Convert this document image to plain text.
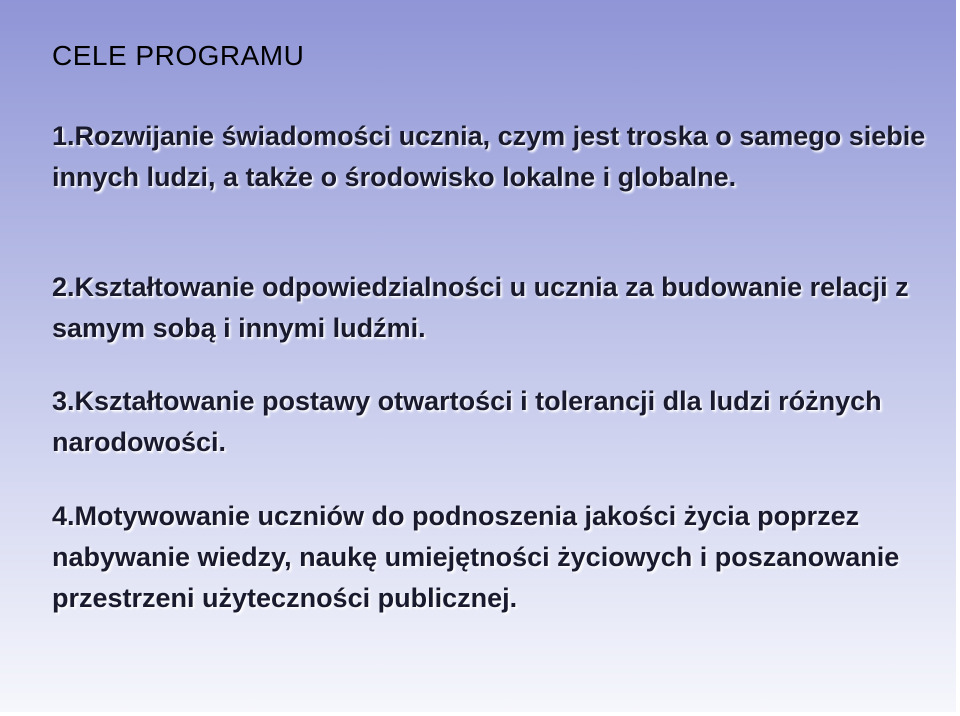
CELE PROGRAMU

1.Rozwijanie świadomości ucznia, czym jest troska o samego siebie innych ludzi, a także o środowisko lokalne i globalne.

2.Kształtowanie odpowiedzialności u ucznia za budowanie relacji z samym sobą i innymi ludźmi.

3.Kształtowanie postawy otwartości i tolerancji dla ludzi różnych narodowości.

4.Motywowanie uczniów do podnoszenia jakości życia poprzez nabywanie wiedzy, naukę umiejętności życiowych i poszanowanie przestrzeni użyteczności publicznej.
